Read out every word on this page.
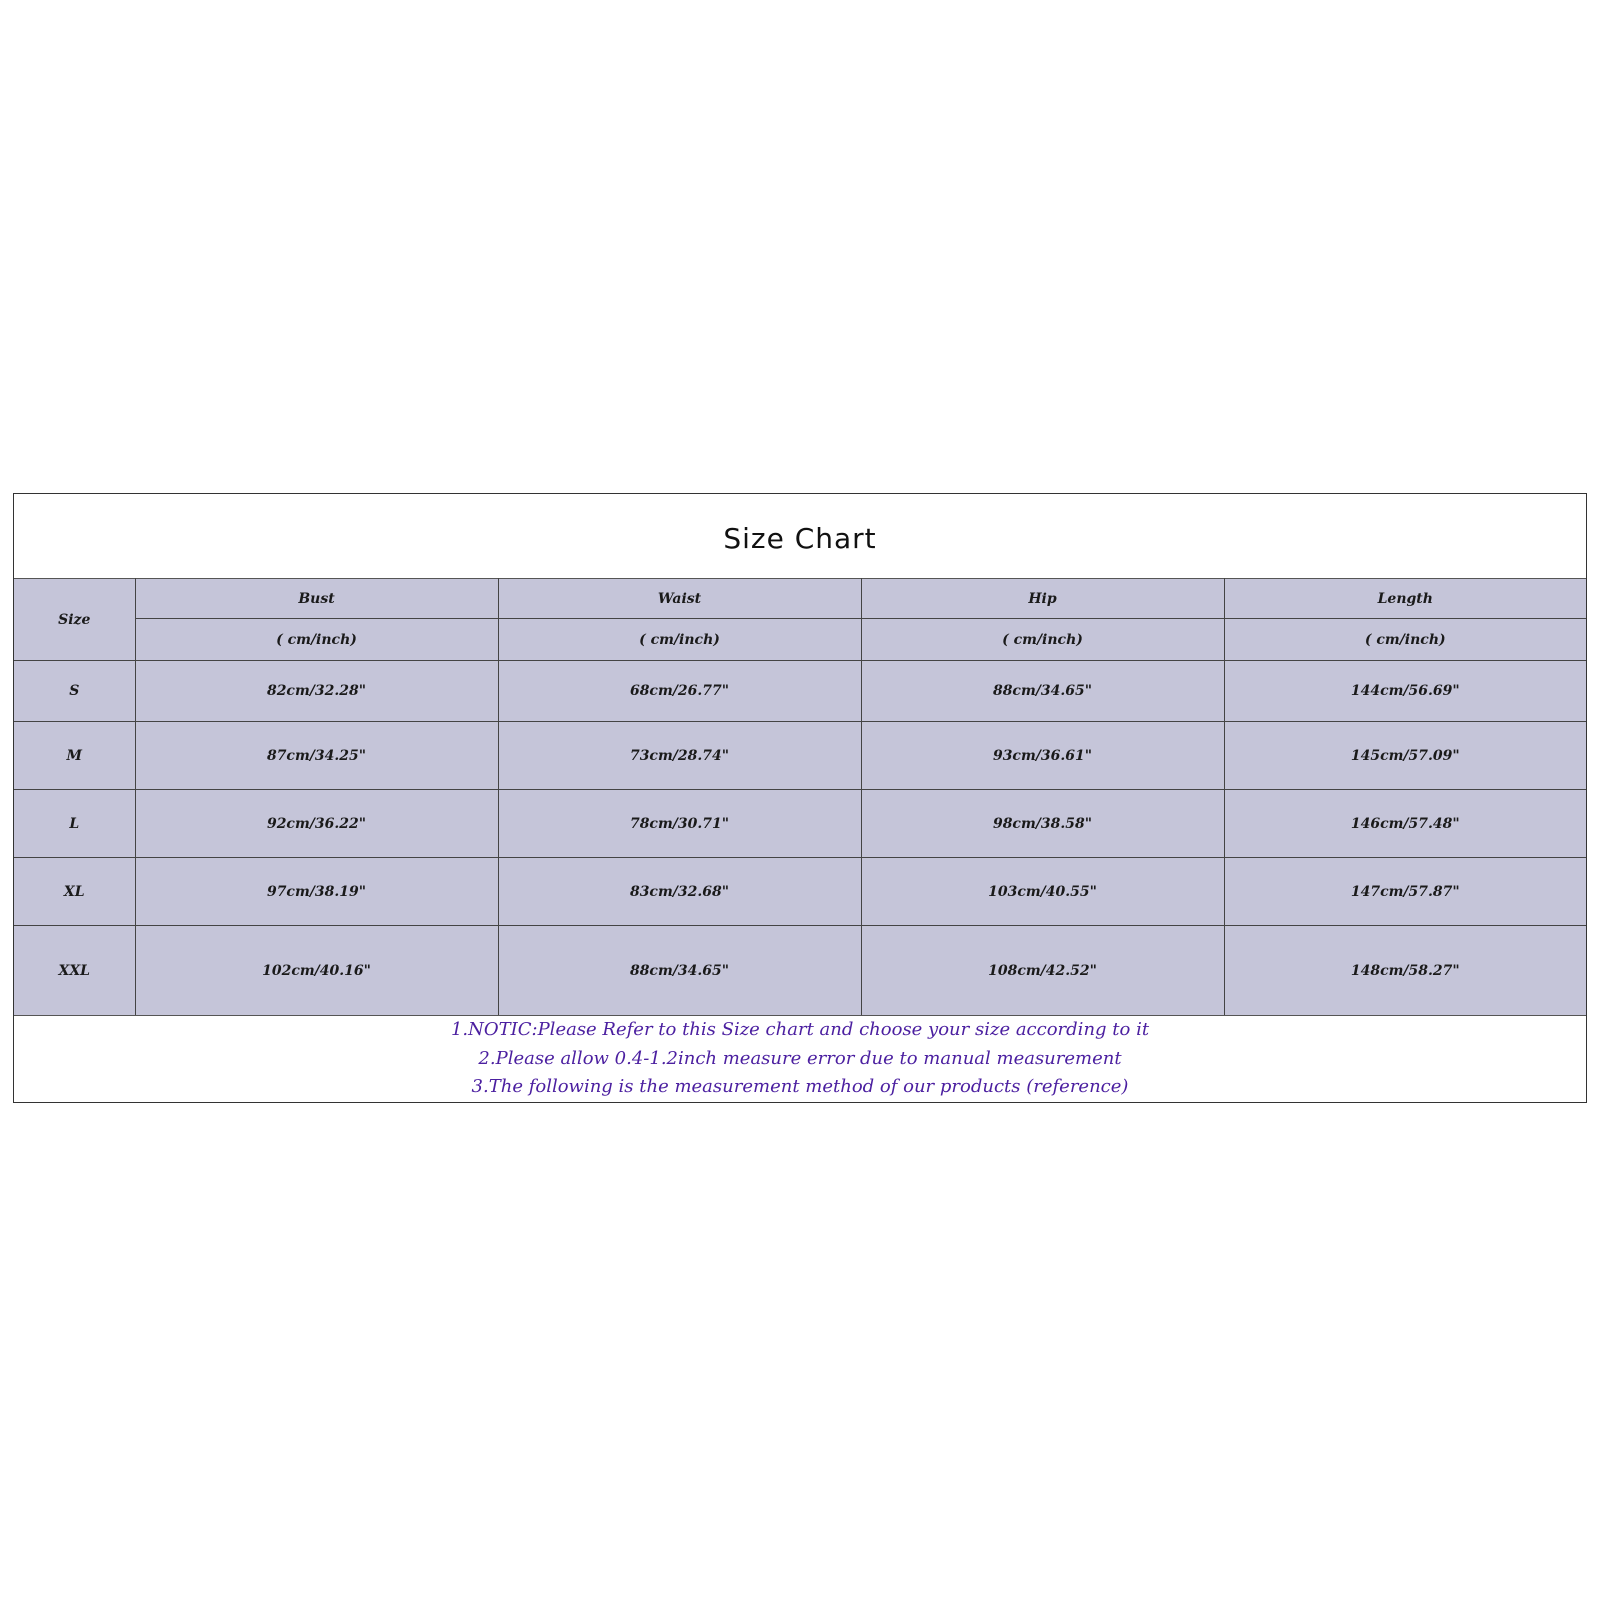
Size Chart
Size	Bust	Waist	Hip	Length
	( cm/inch)	( cm/inch)	( cm/inch)	( cm/inch)
S	82cm/32.28"	68cm/26.77"	88cm/34.65"	144cm/56.69"
M	87cm/34.25"	73cm/28.74"	93cm/36.61"	145cm/57.09"
L	92cm/36.22"	78cm/30.71"	98cm/38.58"	146cm/57.48"
XL	97cm/38.19"	83cm/32.68"	103cm/40.55"	147cm/57.87"
XXL	102cm/40.16"	88cm/34.65"	108cm/42.52"	148cm/58.27"
1.NOTIC:Please Refer to this Size chart and choose your size according to it
2.Please allow 0.4-1.2inch measure error due to manual measurement
3.The following is the measurement method of our products (reference)
